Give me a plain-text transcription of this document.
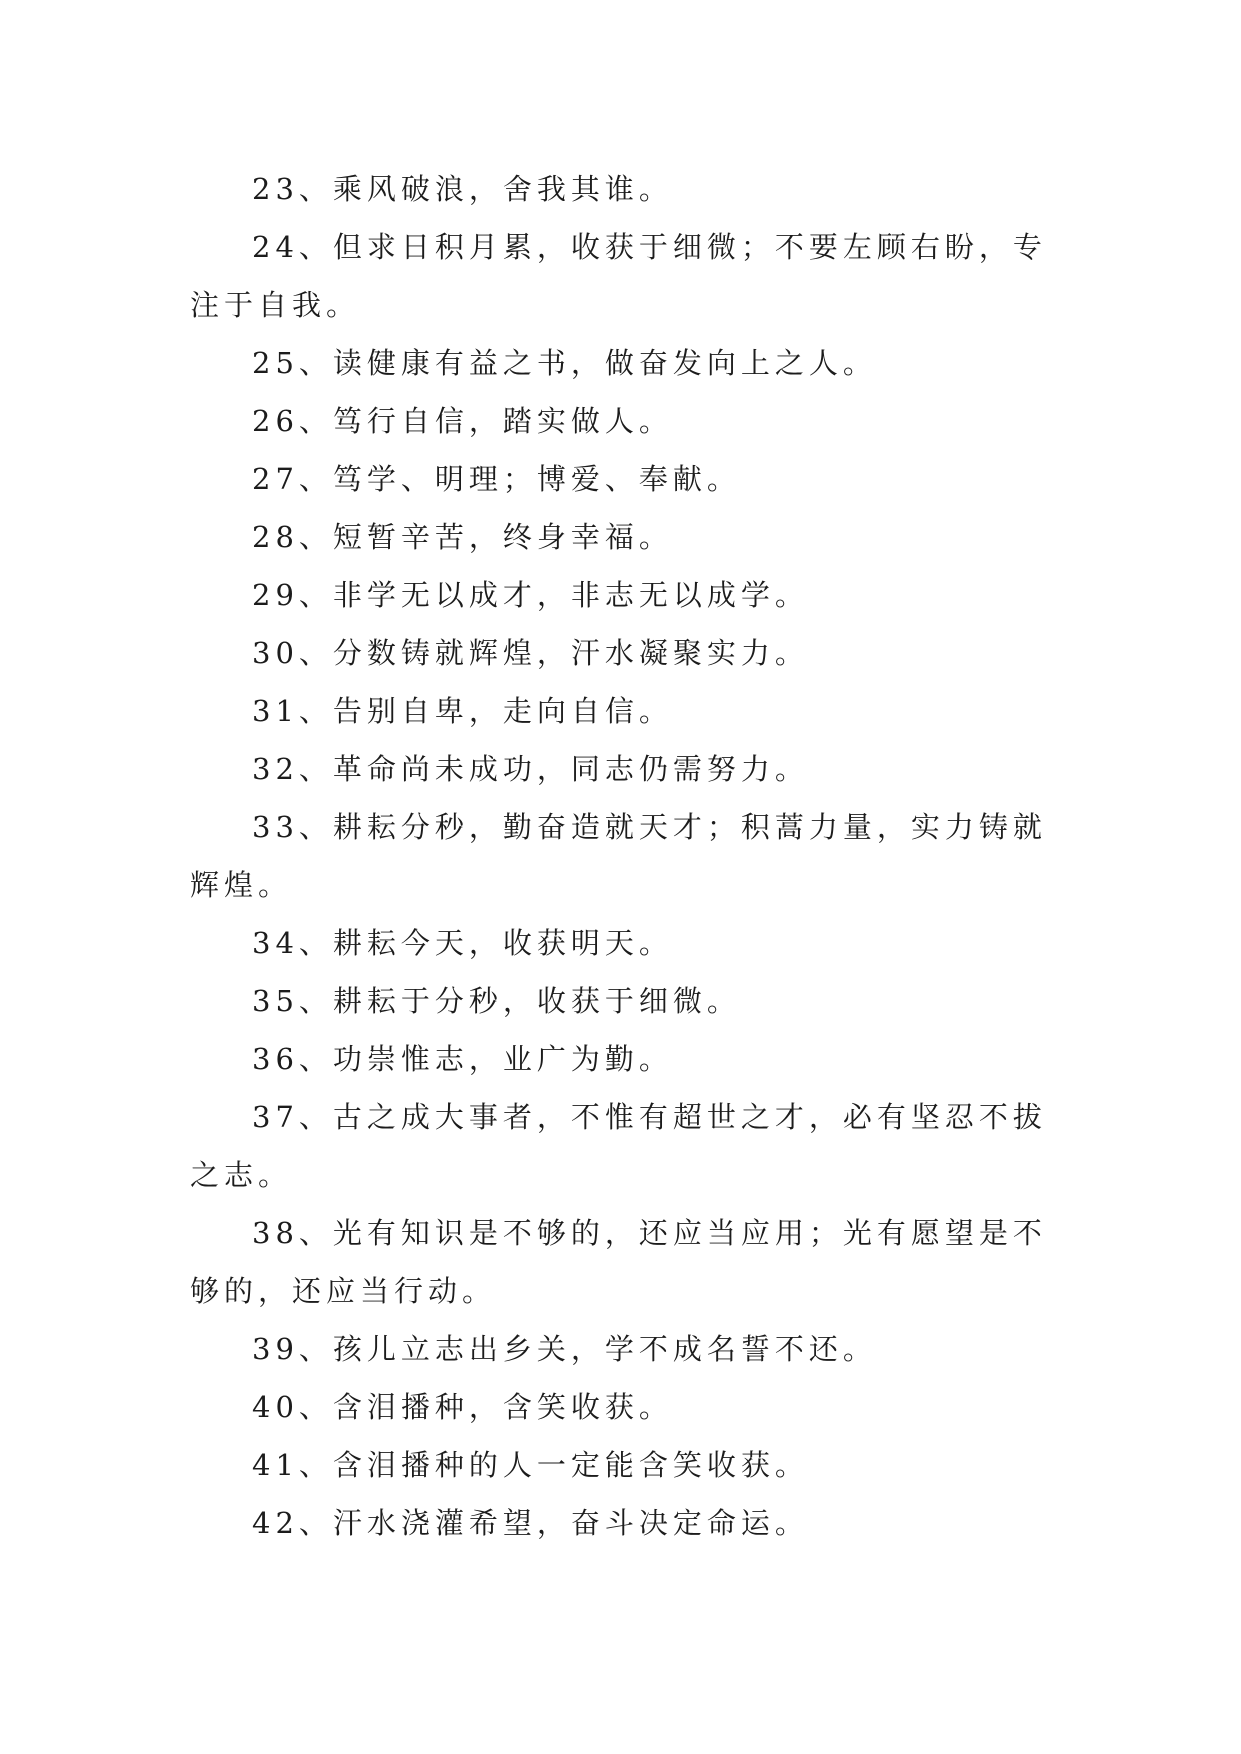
23、乘风破浪，舍我其谁。

24、但求日积月累，收获于细微；不要左顾右盼，专注于自我。

25、读健康有益之书，做奋发向上之人。

26、笃行自信，踏实做人。

27、笃学、明理；博爱、奉献。

28、短暂辛苦，终身幸福。

29、非学无以成才，非志无以成学。

30、分数铸就辉煌，汗水凝聚实力。

31、告别自卑，走向自信。

32、革命尚未成功，同志仍需努力。

33、耕耘分秒，勤奋造就天才；积蒿力量，实力铸就辉煌。

34、耕耘今天，收获明天。

35、耕耘于分秒，收获于细微。

36、功崇惟志，业广为勤。

37、古之成大事者，不惟有超世之才，必有坚忍不拔之志。

38、光有知识是不够的，还应当应用；光有愿望是不够的，还应当行动。

39、孩儿立志出乡关，学不成名誓不还。

40、含泪播种，含笑收获。

41、含泪播种的人一定能含笑收获。

42、汗水浇灌希望，奋斗决定命运。
